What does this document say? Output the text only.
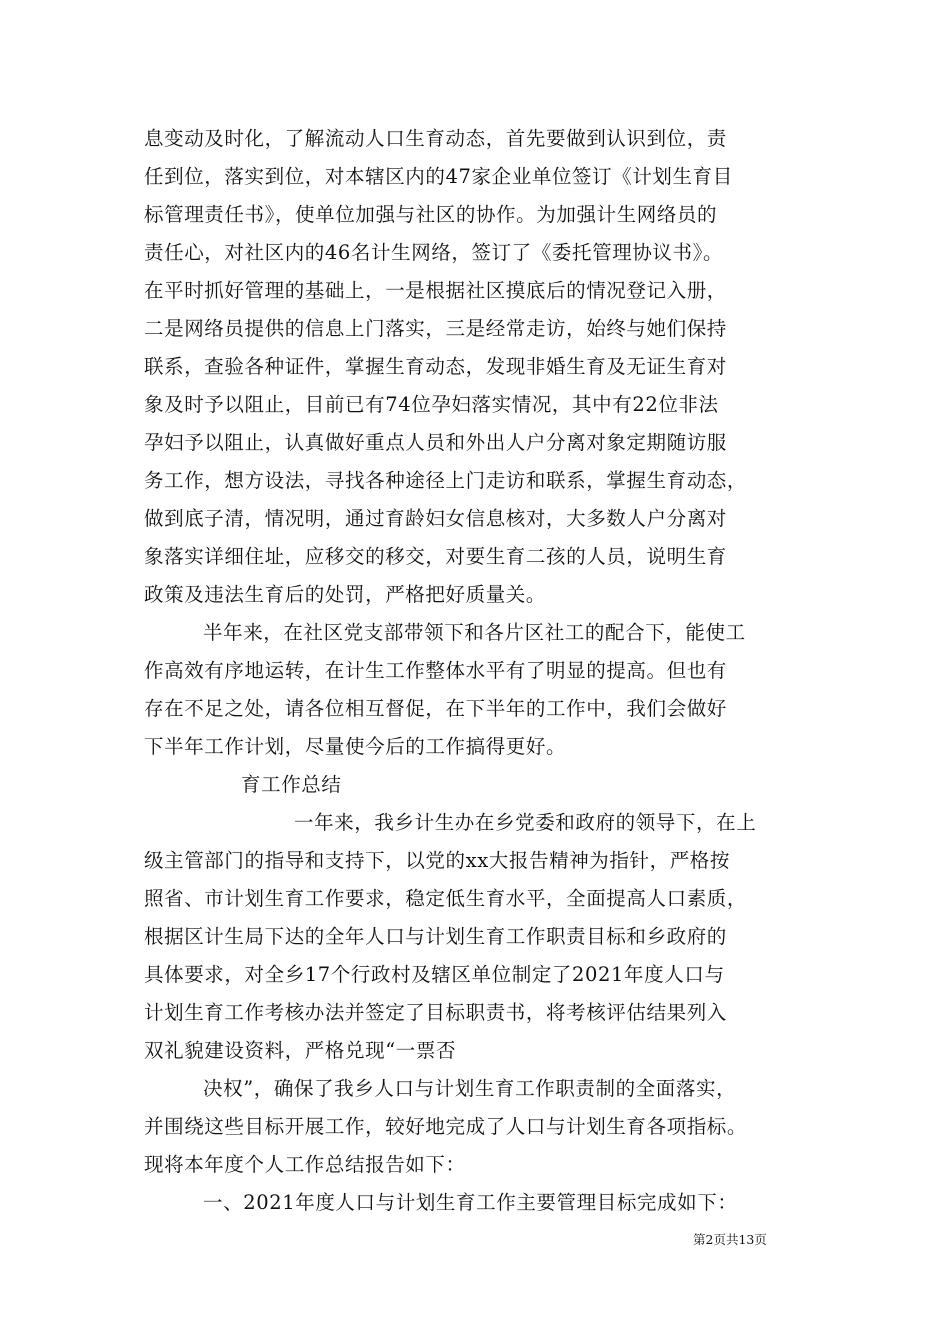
息变动及时化，了解流动人口生育动态，首先要做到认识到位，责
任到位，落实到位，对本辖区内的47家企业单位签订《计划生育目
标管理责任书》，使单位加强与社区的协作。为加强计生网络员的
责任心，对社区内的46名计生网络，签订了《委托管理协议书》。
在平时抓好管理的基础上，一是根据社区摸底后的情况登记入册，
二是网络员提供的信息上门落实，三是经常走访，始终与她们保持
联系，查验各种证件，掌握生育动态，发现非婚生育及无证生育对
象及时予以阻止，目前已有74位孕妇落实情况，其中有22位非法
孕妇予以阻止，认真做好重点人员和外出人户分离对象定期随访服
务工作，想方设法，寻找各种途径上门走访和联系，掌握生育动态，
做到底子清，情况明，通过育龄妇女信息核对，大多数人户分离对
象落实详细住址，应移交的移交，对要生育二孩的人员，说明生育
政策及违法生育后的处罚，严格把好质量关。
半年来，在社区党支部带领下和各片区社工的配合下，能使工
作高效有序地运转，在计生工作整体水平有了明显的提高。但也有
存在不足之处，请各位相互督促，在下半年的工作中，我们会做好
下半年工作计划，尽量使今后的工作搞得更好。
育工作总结
一年来，我乡计生办在乡党委和政府的领导下，在上
级主管部门的指导和支持下，以党的xx大报告精神为指针，严格按
照省、市计划生育工作要求，稳定低生育水平，全面提高人口素质，
根据区计生局下达的全年人口与计划生育工作职责目标和乡政府的
具体要求，对全乡17个行政村及辖区单位制定了2021年度人口与
计划生育工作考核办法并签定了目标职责书，将考核评估结果列入
双礼貌建设资料，严格兑现“一票否
决权”，确保了我乡人口与计划生育工作职责制的全面落实，
并围绕这些目标开展工作，较好地完成了人口与计划生育各项指标。
现将本年度个人工作总结报告如下：
一、2021年度人口与计划生育工作主要管理目标完成如下：
第2页共13页
